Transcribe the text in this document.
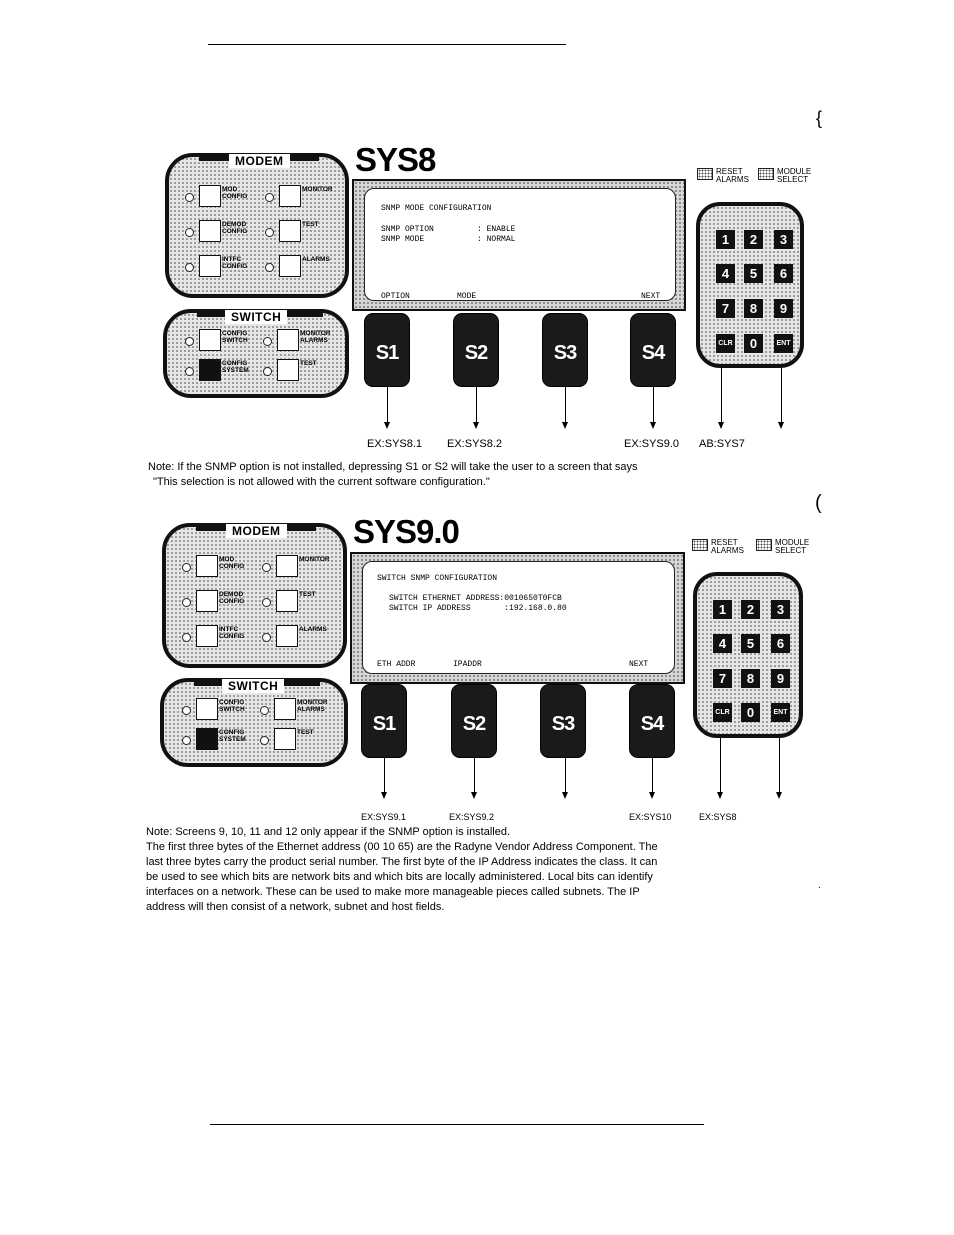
{
(
.
MODEM
MOD CONFIG
MONITOR
DEMOD CONFIG
TEST
INTFC CONFIG
ALARMS
SWITCH
CONFIG SWITCH
MONITOR ALARMS
CONFIG SYSTEM
TEST
SYS8
SNMP MODE CONFIGURATION
SNMP OPTION         : ENABLE
SNMP MODE           : NORMAL
OPTION	MODE	NEXT
S1	S2	S3	S4
RESET ALARMS
MODULE SELECT
1	2	3
4	5	6
7	8	9
CLR	0	ENT
EX:SYS8.1 EX:SYS8.2	EX:SYS9.0 AB:SYS7
Note: If the SNMP option is not installed, depressing S1 or S2 will take the user to a screen that says
"This selection is not allowed with the current software configuration."
MODEM
MOD CONFIG
MONITOR
DEMOD CONFIG
TEST
INTFC CONFIG
ALARMS
SWITCH
CONFIG SWITCH
MONITOR ALARMS
CONFIG SYSTEM
TEST
SYS9.0
SWITCH SNMP CONFIGURATION
SWITCH ETHERNET ADDRESS:0010650T0FCB
SWITCH IP ADDRESS       :192.168.0.80
ETH ADDR	IPADDR	NEXT
S1	S2	S3	S4
RESET ALARMS
MODULE SELECT
1	2	3
4	5	6
7	8	9
CLR	0	ENT
EX:SYS9.1	EX:SYS9.2	EX:SYS10	EX:SYS8
Note: Screens 9, 10, 11 and 12 only appear if the SNMP option is installed.
The first three bytes of the Ethernet address (00 10 65) are the Radyne Vendor Address Component. The
last three bytes carry the product serial number. The first byte of the IP Address indicates the class. It can
be used to see which bits are network bits and which bits are locally administered. Local bits can identify
interfaces on a network. These can be used to make more manageable pieces called subnets. The IP
address will then consist of a network, subnet and host fields.
